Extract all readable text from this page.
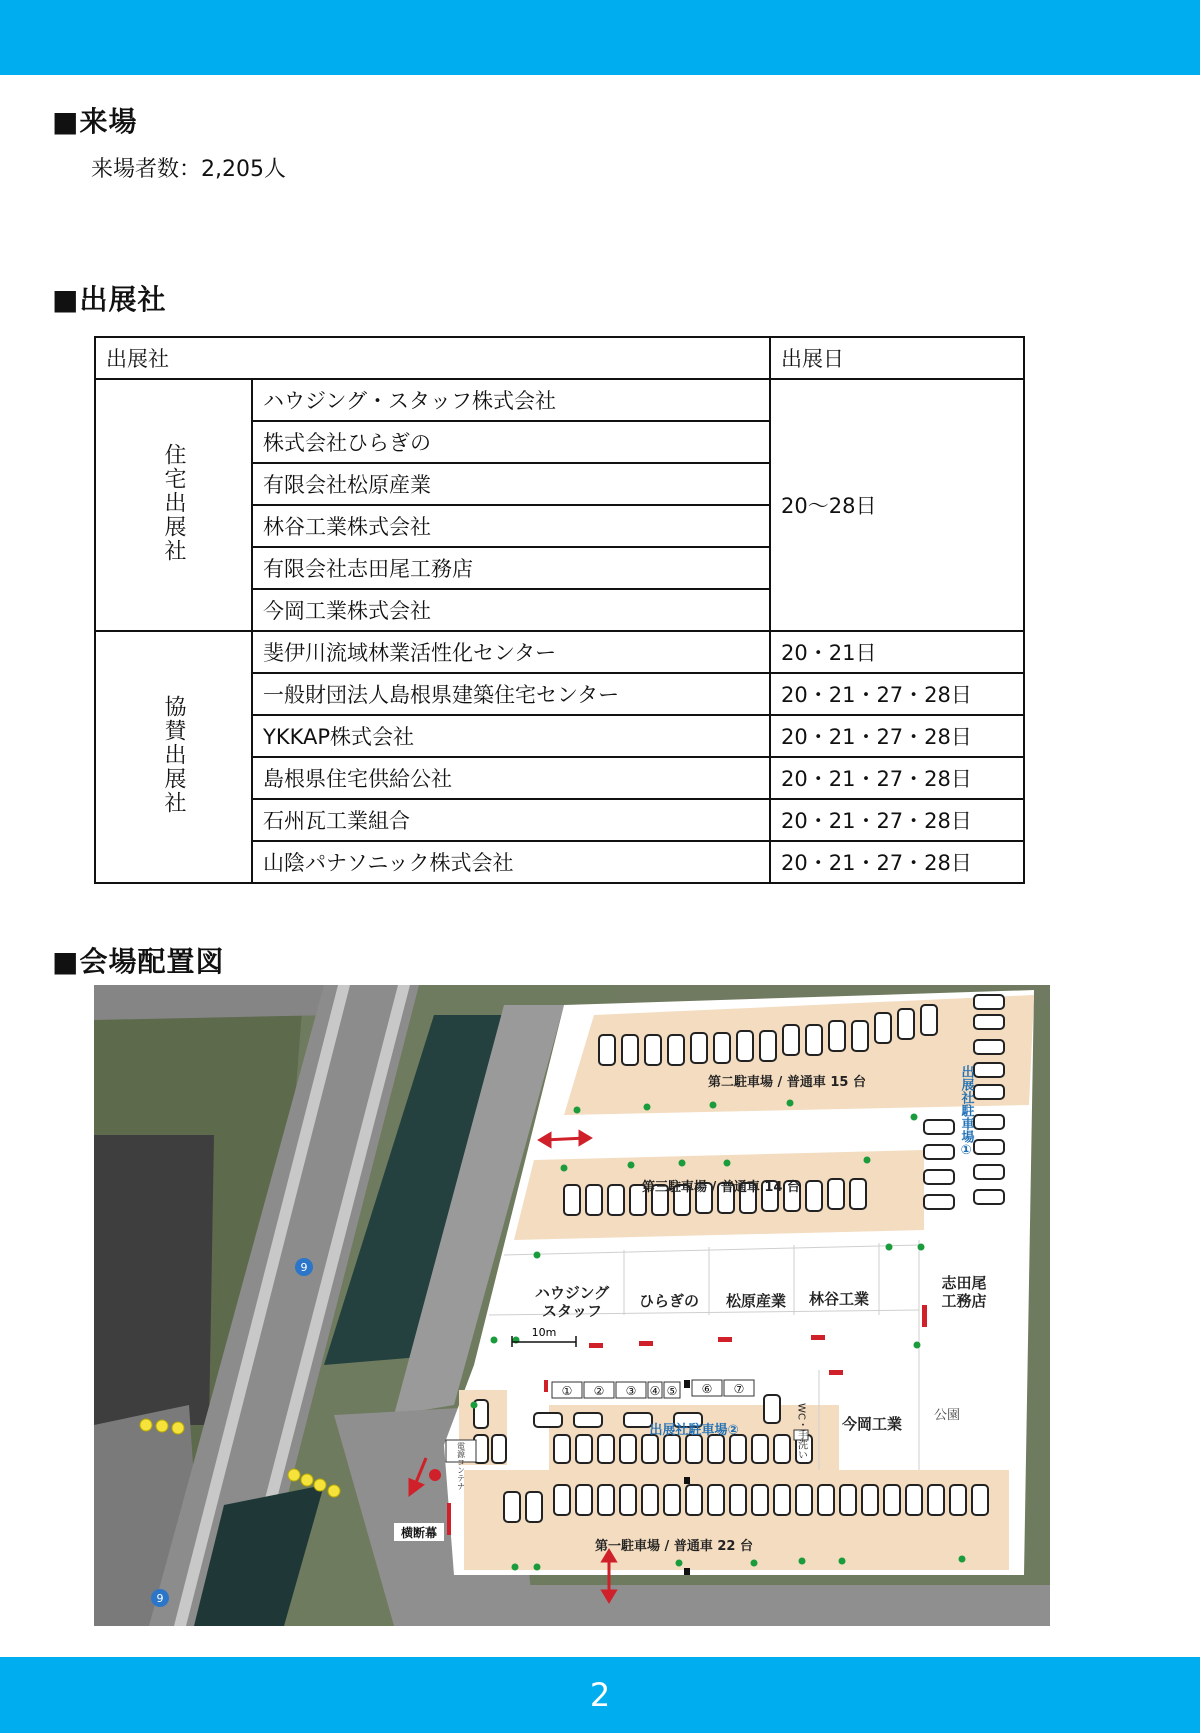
■来場
来場者数：2,205人
■出展社
出展社		出展日
住宅出展社	ハウジング・スタッフ株式会社	20～28日
	株式会社ひらぎの	
	有限会社松原産業	
	林谷工業株式会社	
	有限会社志田尾工務店	
	今岡工業株式会社	
協賛出展社	斐伊川流域林業活性化センター	20・21日
	一般財団法人島根県建築住宅センター	20・21・27・28日
	YKKAP株式会社	20・21・27・28日
	島根県住宅供給公社	20・21・27・28日
	石州瓦工業組合	20・21・27・28日
	山陰パナソニック株式会社	20・21・27・28日
■会場配置図
① ② ③ ④ ⑤ ⑥ ⑦
9
9
10m
第二駐車場 / 普通車 15 台
第三駐車場 / 普通車 14 台
第一駐車場 / 普通車 22 台
ハウジング
スタッフ
ひらぎの 松原産業 林谷工業
志田尾
工務店
今岡工業 公園
出展社駐車場②
出展社駐車場①
WC・手洗い
電源コンテナ
横断幕
2
